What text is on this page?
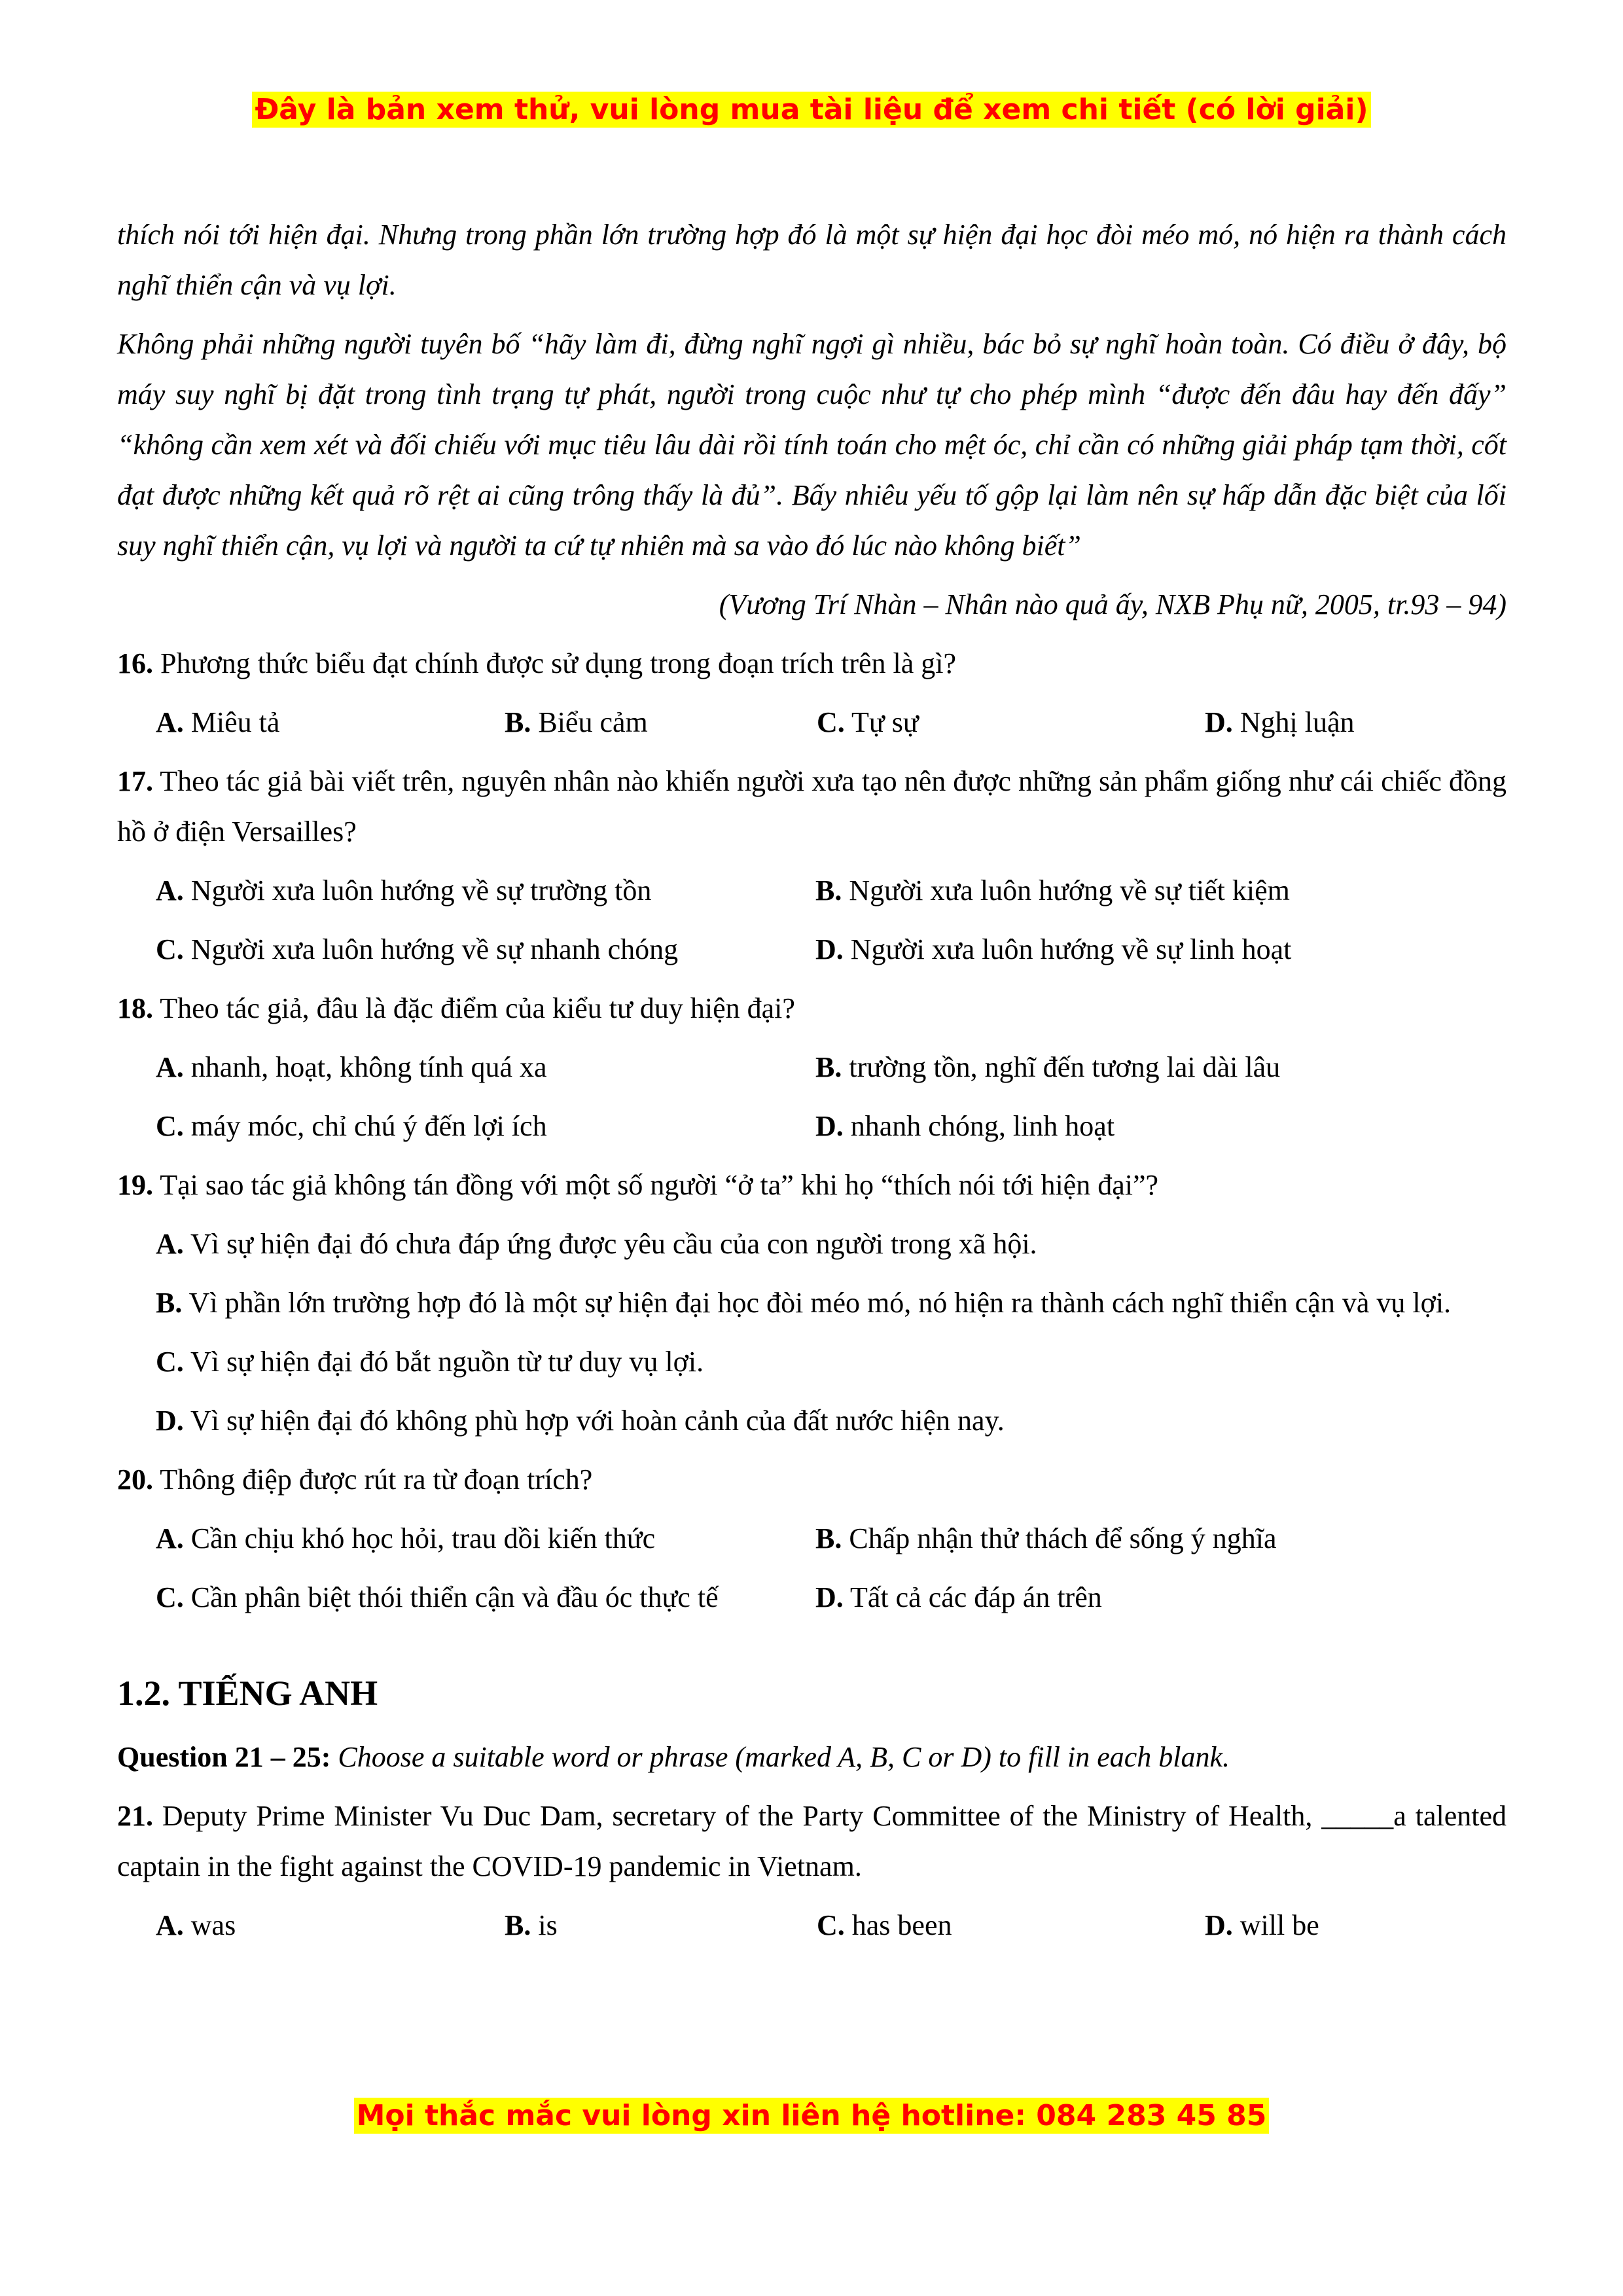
Đây là bản xem thử, vui lòng mua tài liệu để xem chi tiết (có lời giải)

thích nói tới hiện đại. Nhưng trong phần lớn trường hợp đó là một sự hiện đại học đòi méo mó, nó hiện ra thành cách nghĩ thiển cận và vụ lợi.

Không phải những người tuyên bố “hãy làm đi, đừng nghĩ ngợi gì nhiều, bác bỏ sự nghĩ hoàn toàn. Có điều ở đây, bộ máy suy nghĩ bị đặt trong tình trạng tự phát, người trong cuộc như tự cho phép mình “được đến đâu hay đến đấy” “không cần xem xét và đối chiếu với mục tiêu lâu dài rồi tính toán cho mệt óc, chỉ cần có những giải pháp tạm thời, cốt đạt được những kết quả rõ rệt ai cũng trông thấy là đủ”. Bấy nhiêu yếu tố gộp lại làm nên sự hấp dẫn đặc biệt của lối suy nghĩ thiển cận, vụ lợi và người ta cứ tự nhiên mà sa vào đó lúc nào không biết”

(Vương Trí Nhàn – Nhân nào quả ấy, NXB Phụ nữ, 2005, tr.93 – 94)

16. Phương thức biểu đạt chính được sử dụng trong đoạn trích trên là gì?

A. Miêu tả	B. Biểu cảm	C. Tự sự	D. Nghị luận

17. Theo tác giả bài viết trên, nguyên nhân nào khiến người xưa tạo nên được những sản phẩm giống như cái chiếc đồng hồ ở điện Versailles?

A. Người xưa luôn hướng về sự trường tồn	B. Người xưa luôn hướng về sự tiết kiệm
C. Người xưa luôn hướng về sự nhanh chóng	D. Người xưa luôn hướng về sự linh hoạt

18. Theo tác giả, đâu là đặc điểm của kiểu tư duy hiện đại?

A. nhanh, hoạt, không tính quá xa	B. trường tồn, nghĩ đến tương lai dài lâu
C. máy móc, chỉ chú ý đến lợi ích	D. nhanh chóng, linh hoạt

19. Tại sao tác giả không tán đồng với một số người “ở ta” khi họ “thích nói tới hiện đại”?

A. Vì sự hiện đại đó chưa đáp ứng được yêu cầu của con người trong xã hội.

B. Vì phần lớn trường hợp đó là một sự hiện đại học đòi méo mó, nó hiện ra thành cách nghĩ thiển cận và vụ lợi.

C. Vì sự hiện đại đó bắt nguồn từ tư duy vụ lợi.

D. Vì sự hiện đại đó không phù hợp với hoàn cảnh của đất nước hiện nay.

20. Thông điệp được rút ra từ đoạn trích?

A. Cần chịu khó học hỏi, trau dồi kiến thức	B. Chấp nhận thử thách để sống ý nghĩa
C. Cần phân biệt thói thiển cận và đầu óc thực tế	D. Tất cả các đáp án trên
1.2. TIẾNG ANH

Question 21 – 25: Choose a suitable word or phrase (marked A, B, C or D) to fill in each blank.

21. Deputy Prime Minister Vu Duc Dam, secretary of the Party Committee of the Ministry of Health, _____a talented captain in the fight against the COVID-19 pandemic in Vietnam.

A. was	B. is	C. has been	D. will be
Mọi thắc mắc vui lòng xin liên hệ hotline: 084 283 45 85
